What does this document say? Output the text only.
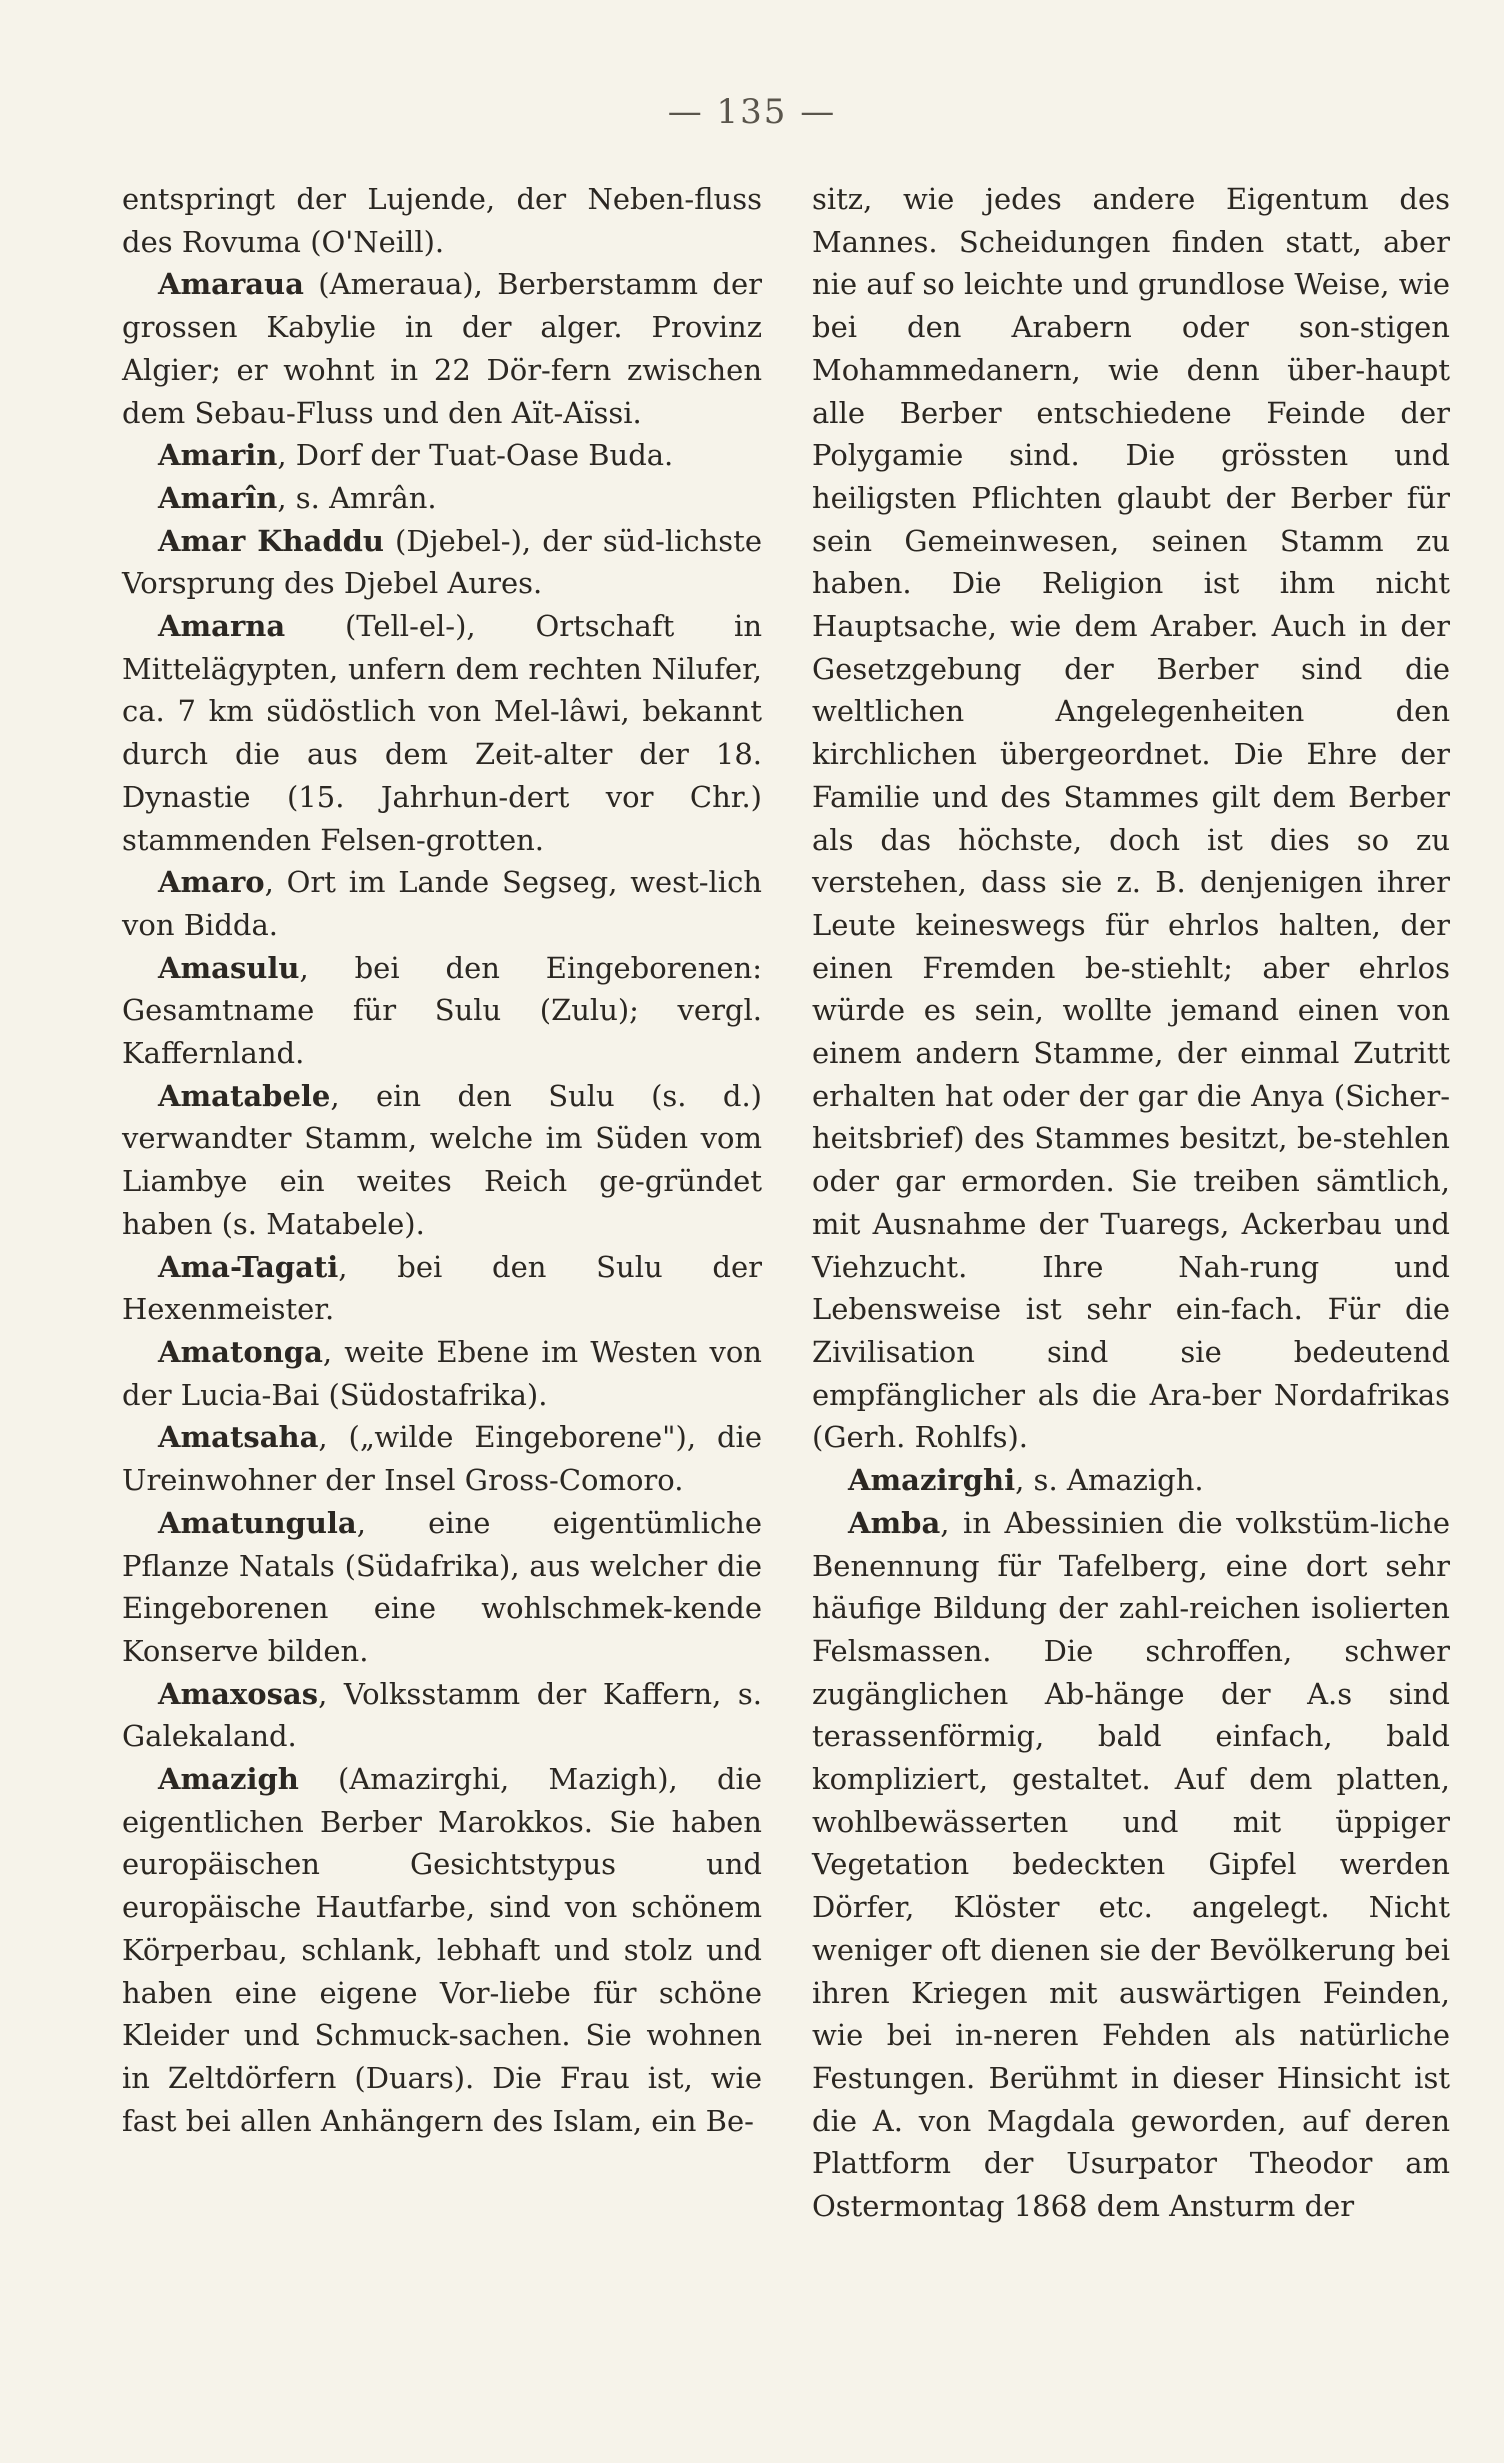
— 135 —

entspringt der Lujende, der Neben-fluss des Rovuma (O'Neill).

Amaraua (Ameraua), Berberstamm der grossen Kabylie in der alger. Provinz Algier; er wohnt in 22 Dör-fern zwischen dem Sebau-Fluss und den Aït-Aïssi.

Amarin, Dorf der Tuat-Oase Buda.

Amarîn, s. Amrân.

Amar Khaddu (Djebel-), der süd-lichste Vorsprung des Djebel Aures.

Amarna (Tell-el-), Ortschaft in Mittelägypten, unfern dem rechten Nilufer, ca. 7 km südöstlich von Mel-lâwi, bekannt durch die aus dem Zeit-alter der 18. Dynastie (15. Jahrhun-dert vor Chr.) stammenden Felsen-grotten.

Amaro, Ort im Lande Segseg, west-lich von Bidda.

Amasulu, bei den Eingeborenen: Gesamtname für Sulu (Zulu); vergl. Kaffernland.

Amatabele, ein den Sulu (s. d.) verwandter Stamm, welche im Süden vom Liambye ein weites Reich ge-gründet haben (s. Matabele).

Ama-Tagati, bei den Sulu der Hexenmeister.

Amatonga, weite Ebene im Westen von der Lucia-Bai (Südostafrika).

Amatsaha, („wilde Eingeborene"), die Ureinwohner der Insel Gross-Comoro.

Amatungula, eine eigentümliche Pflanze Natals (Südafrika), aus welcher die Eingeborenen eine wohlschmek-kende Konserve bilden.

Amaxosas, Volksstamm der Kaffern, s. Galekaland.

Amazigh (Amazirghi, Mazigh), die eigentlichen Berber Marokkos. Sie haben europäischen Gesichtstypus und europäische Hautfarbe, sind von schönem Körperbau, schlank, lebhaft und stolz und haben eine eigene Vor-liebe für schöne Kleider und Schmuck-sachen. Sie wohnen in Zeltdörfern (Duars). Die Frau ist, wie fast bei allen Anhängern des Islam, ein Be-

sitz, wie jedes andere Eigentum des Mannes. Scheidungen finden statt, aber nie auf so leichte und grundlose Weise, wie bei den Arabern oder son-stigen Mohammedanern, wie denn über-haupt alle Berber entschiedene Feinde der Polygamie sind. Die grössten und heiligsten Pflichten glaubt der Berber für sein Gemeinwesen, seinen Stamm zu haben. Die Religion ist ihm nicht Hauptsache, wie dem Araber. Auch in der Gesetzgebung der Berber sind die weltlichen Angelegenheiten den kirchlichen übergeordnet. Die Ehre der Familie und des Stammes gilt dem Berber als das höchste, doch ist dies so zu verstehen, dass sie z. B. denjenigen ihrer Leute keineswegs für ehrlos halten, der einen Fremden be-stiehlt; aber ehrlos würde es sein, wollte jemand einen von einem andern Stamme, der einmal Zutritt erhalten hat oder der gar die Anya (Sicher-heitsbrief) des Stammes besitzt, be-stehlen oder gar ermorden. Sie treiben sämtlich, mit Ausnahme der Tuaregs, Ackerbau und Viehzucht. Ihre Nah-rung und Lebensweise ist sehr ein-fach. Für die Zivilisation sind sie bedeutend empfänglicher als die Ara-ber Nordafrikas (Gerh. Rohlfs).

Amazirghi, s. Amazigh.

Amba, in Abessinien die volkstüm-liche Benennung für Tafelberg, eine dort sehr häufige Bildung der zahl-reichen isolierten Felsmassen. Die schroffen, schwer zugänglichen Ab-hänge der A.s sind terassenförmig, bald einfach, bald kompliziert, gestaltet. Auf dem platten, wohlbewässerten und mit üppiger Vegetation bedeckten Gipfel werden Dörfer, Klöster etc. angelegt. Nicht weniger oft dienen sie der Bevölkerung bei ihren Kriegen mit auswärtigen Feinden, wie bei in-neren Fehden als natürliche Festungen. Berühmt in dieser Hinsicht ist die A. von Magdala geworden, auf deren Plattform der Usurpator Theodor am Ostermontag 1868 dem Ansturm der
